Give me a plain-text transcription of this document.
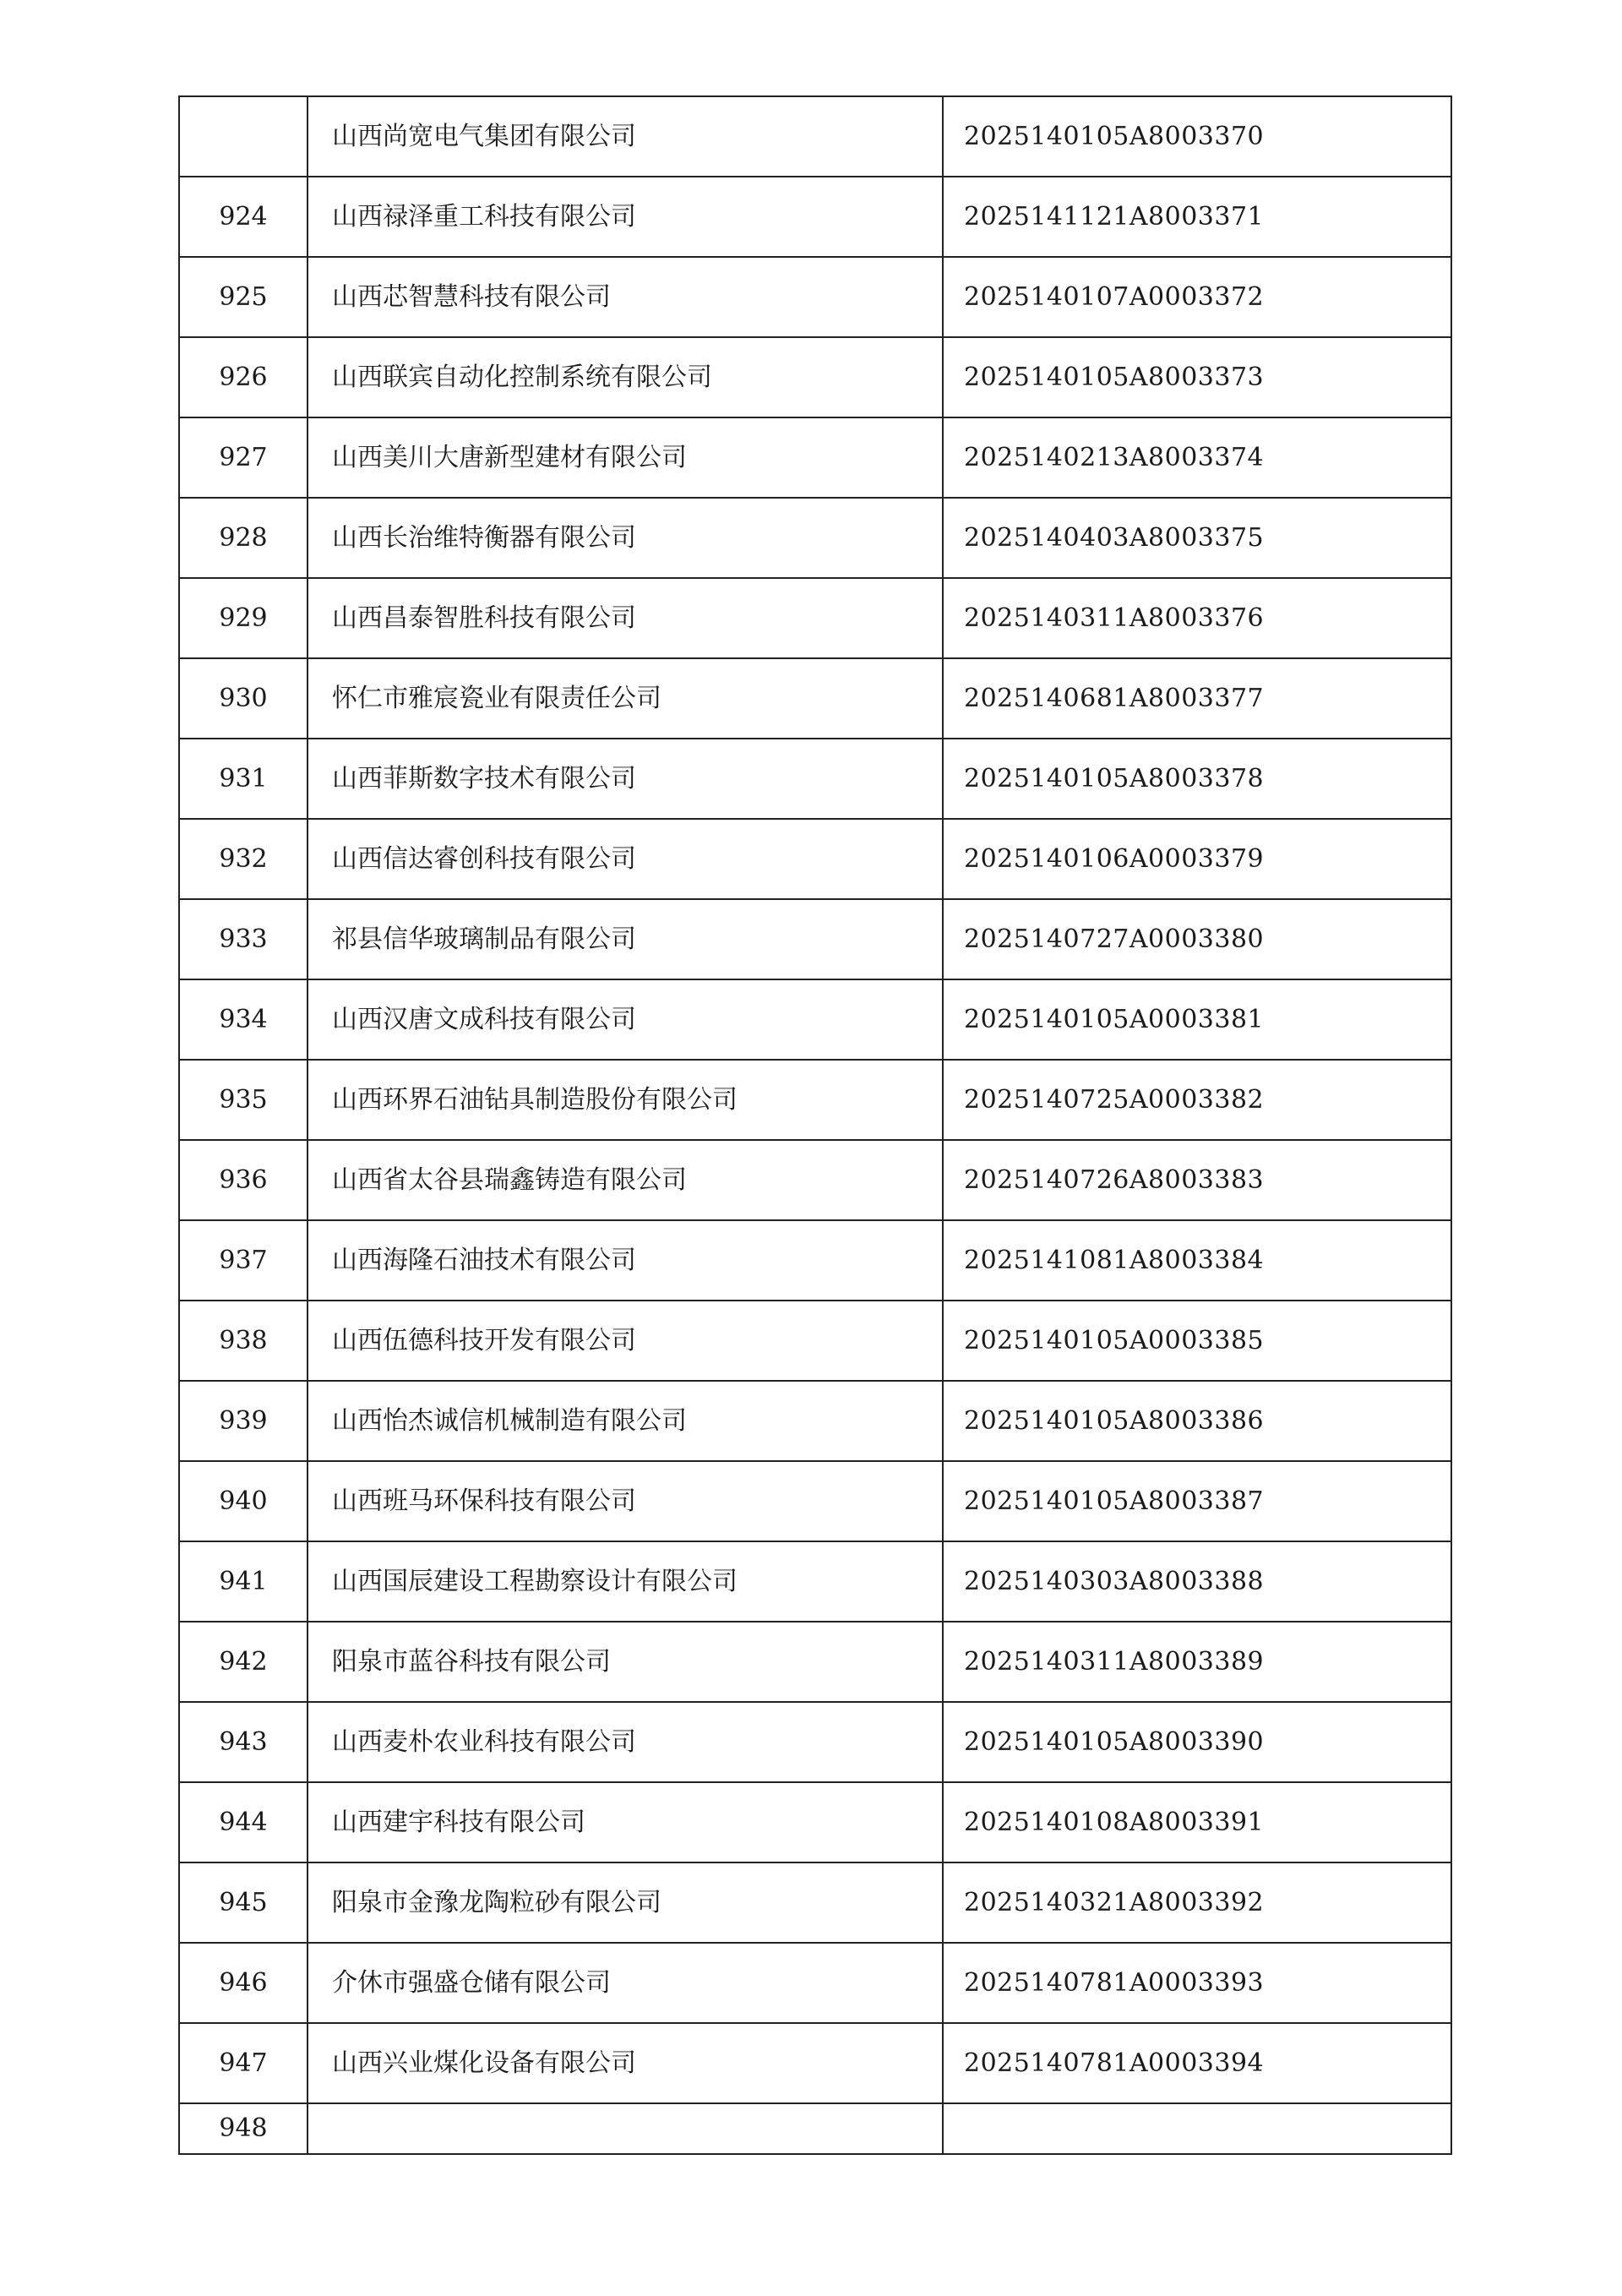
	山西尚宽电气集团有限公司	2025140105A8003370
924	山西禄泽重工科技有限公司	2025141121A8003371
925	山西芯智慧科技有限公司	2025140107A0003372
926	山西联宾自动化控制系统有限公司	2025140105A8003373
927	山西美川大唐新型建材有限公司	2025140213A8003374
928	山西长治维特衡器有限公司	2025140403A8003375
929	山西昌泰智胜科技有限公司	2025140311A8003376
930	怀仁市雅宸瓷业有限责任公司	2025140681A8003377
931	山西菲斯数字技术有限公司	2025140105A8003378
932	山西信达睿创科技有限公司	2025140106A0003379
933	祁县信华玻璃制品有限公司	2025140727A0003380
934	山西汉唐文成科技有限公司	2025140105A0003381
935	山西环界石油钻具制造股份有限公司	2025140725A0003382
936	山西省太谷县瑞鑫铸造有限公司	2025140726A8003383
937	山西海隆石油技术有限公司	2025141081A8003384
938	山西伍德科技开发有限公司	2025140105A0003385
939	山西怡杰诚信机械制造有限公司	2025140105A8003386
940	山西班马环保科技有限公司	2025140105A8003387
941	山西国辰建设工程勘察设计有限公司	2025140303A8003388
942	阳泉市蓝谷科技有限公司	2025140311A8003389
943	山西麦朴农业科技有限公司	2025140105A8003390
944	山西建宇科技有限公司	2025140108A8003391
945	阳泉市金豫龙陶粒砂有限公司	2025140321A8003392
946	介休市强盛仓储有限公司	2025140781A0003393
947	山西兴业煤化设备有限公司	2025140781A0003394
948		
